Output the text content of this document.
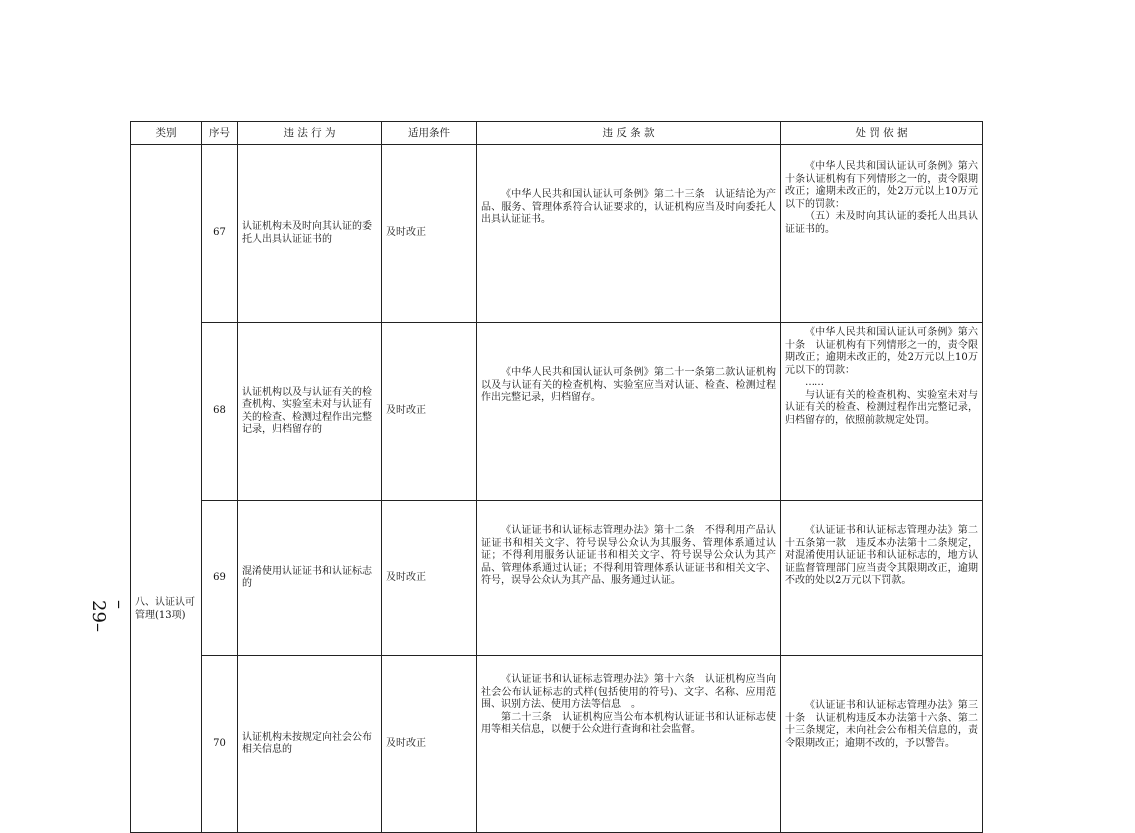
–29–
类别	序号	违 法 行 为	适用条件	违 反 条 款	处 罚 依 据

八、认证认可管理(13项)	67	认证机构未及时向其认证的委托人出具认证证书的	及时改正	《中华人民共和国认证认可条例》第二十三条　认证结论为产品、服务、管理体系符合认证要求的，认证机构应当及时向委托人出具认证证书。	《中华人民共和国认证认可条例》第六十条认证机构有下列情形之一的，责令限期改正；逾期未改正的，处2万元以上10万元以下的罚款：
（五）未及时向其认证的委托人出具认证证书的。

	68	认证机构以及与认证有关的检查机构、实验室未对与认证有关的检查、检测过程作出完整记录，归档留存的	及时改正	《中华人民共和国认证认可条例》第二十一条第二款认证机构以及与认证有关的检查机构、实验室应当对认证、检查、检测过程作出完整记录，归档留存。	《中华人民共和国认证认可条例》第六十条　认证机构有下列情形之一的，责令限期改正；逾期未改正的，处2万元以上10万元以下的罚款：
……
与认证有关的检查机构、实验室未对与认证有关的检查、检测过程作出完整记录，归档留存的，依照前款规定处罚。

	69	混淆使用认证证书和认证标志的	及时改正	《认证证书和认证标志管理办法》第十二条　不得利用产品认证证书和相关文字、符号误导公众认为其服务、管理体系通过认证；不得利用服务认证证书和相关文字、符号误导公众认为其产品、管理体系通过认证；不得利用管理体系认证证书和相关文字、符号，误导公众认为其产品、服务通过认证。	《认证证书和认证标志管理办法》第二十五条第一款　违反本办法第十二条规定，对混淆使用认证证书和认证标志的，地方认证监督管理部门应当责令其限期改正，逾期不改的处以2万元以下罚款。

	70	认证机构未按规定向社会公布相关信息的	及时改正	《认证证书和认证标志管理办法》第十六条　认证机构应当向社会公布认证标志的式样(包括使用的符号)、文字、名称、应用范围、识别方法、使用方法等信息　。
第二十三条　认证机构应当公布本机构认证证书和认证标志使用等相关信息，以便于公众进行查询和社会监督。	《认证证书和认证标志管理办法》第三十条　认证机构违反本办法第十六条、第二十三条规定，未向社会公布相关信息的，责令限期改正；逾期不改的，予以警告。
